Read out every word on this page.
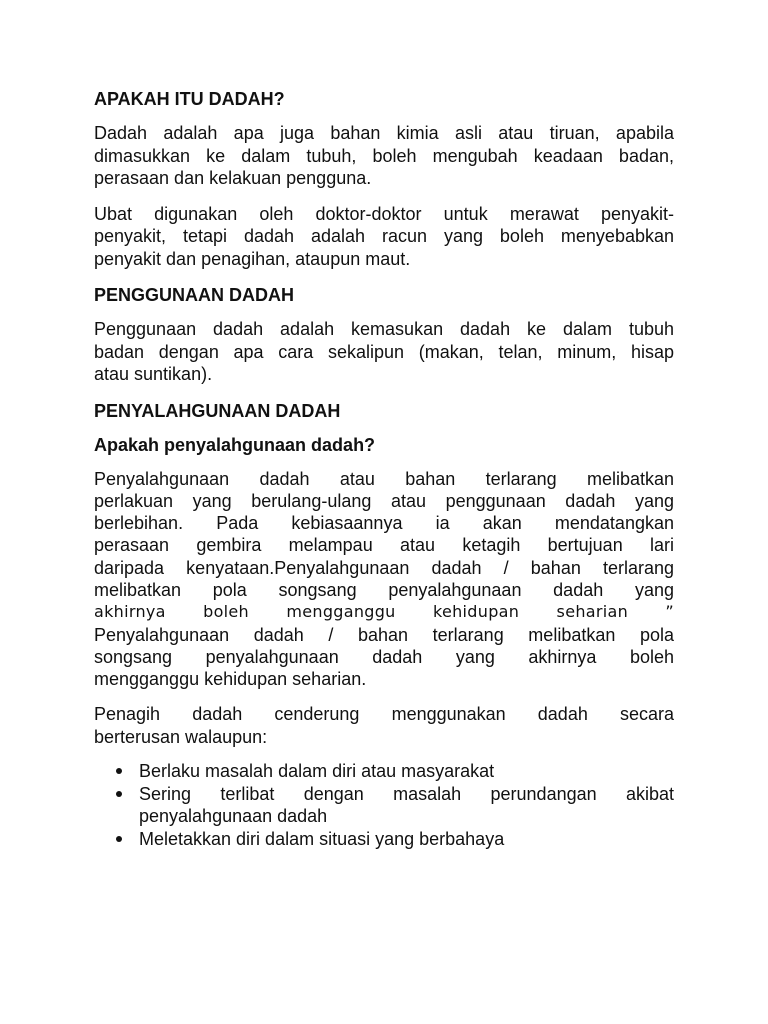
APAKAH ITU DADAH?
Dadah adalah apa juga bahan kimia asli atau tiruan, apabila
dimasukkan ke dalam tubuh, boleh mengubah keadaan badan,
perasaan dan kelakuan pengguna.
Ubat digunakan oleh doktor-doktor untuk merawat penyakit-
penyakit, tetapi dadah adalah racun yang boleh menyebabkan
penyakit dan penagihan, ataupun maut.
PENGGUNAAN DADAH
Penggunaan dadah adalah kemasukan dadah ke dalam tubuh
badan dengan apa cara sekalipun (makan, telan, minum, hisap
atau suntikan).
PENYALAHGUNAAN DADAH
Apakah penyalahgunaan dadah?
Penyalahgunaan dadah atau bahan terlarang melibatkan
perlakuan yang berulang-ulang atau penggunaan dadah yang
berlebihan. Pada kebiasaannya ia akan mendatangkan
perasaan gembira melampau atau ketagih bertujuan lari
daripada kenyataan.Penyalahgunaan dadah / bahan terlarang
melibatkan pola songsang penyalahgunaan dadah yang
akhirnya boleh mengganggu kehidupan seharian ”
Penyalahgunaan dadah / bahan terlarang melibatkan pola
songsang penyalahgunaan dadah yang akhirnya boleh
mengganggu kehidupan seharian.
Penagih dadah cenderung menggunakan dadah secara
berterusan walaupun:
Berlaku masalah dalam diri atau masyarakat
Sering terlibat dengan masalah perundangan akibat penyalahgunaan dadah
Meletakkan diri dalam situasi yang berbahaya
